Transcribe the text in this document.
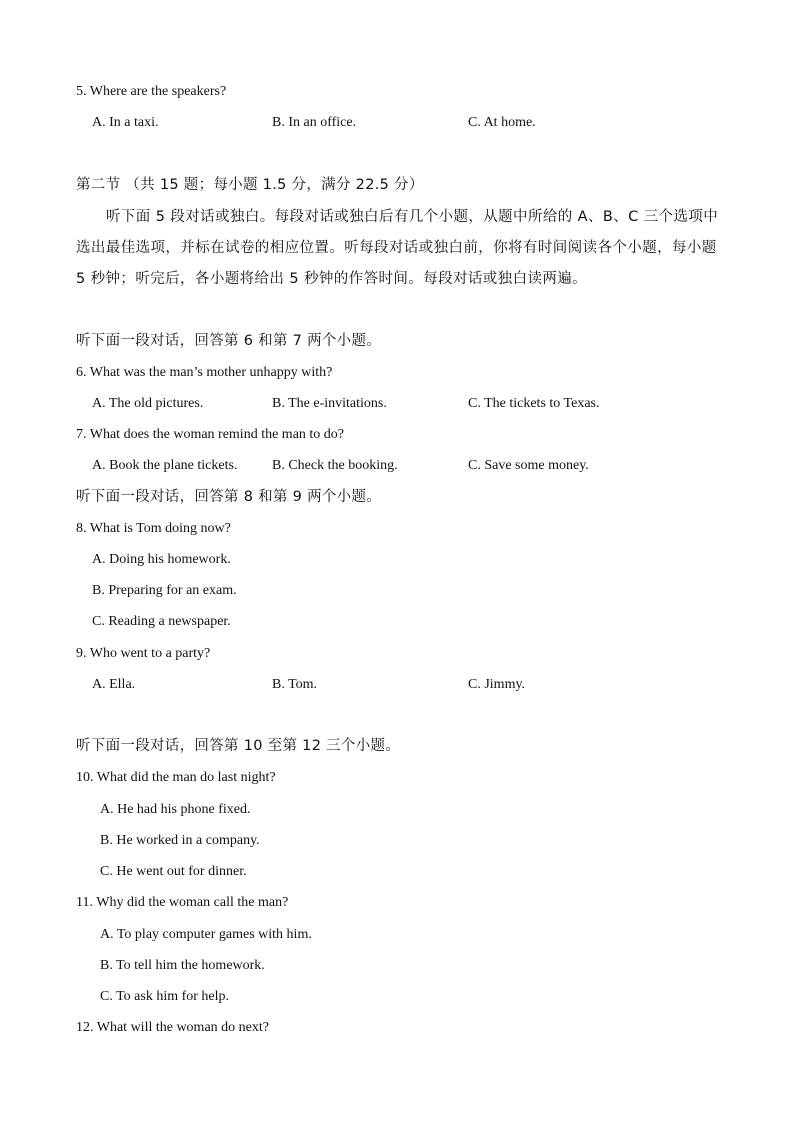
5. Where are the speakers?
A. In a taxi.	B. In an office.	C. At home.
第二节 （共 15 题；每小题 1.5 分，满分 22.5 分）
听下面 5 段对话或独白。每段对话或独白后有几个小题，从题中所给的 A、B、C 三个选项中选出最佳选项，并标在试卷的相应位置。听每段对话或独白前，你将有时间阅读各个小题，每小题 5 秒钟；听完后，各小题将给出 5 秒钟的作答时间。每段对话或独白读两遍。
听下面一段对话，回答第 6 和第 7 两个小题。
6. What was the man’s mother unhappy with?
A. The old pictures.	B. The e-invitations.	C. The tickets to Texas.
7. What does the woman remind the man to do?
A. Book the plane tickets. B. Check the booking.	C. Save some money.
听下面一段对话，回答第 8 和第 9 两个小题。
8. What is Tom doing now?
A. Doing his homework.
B. Preparing for an exam.
C. Reading a newspaper.
9. Who went to a party?
A. Ella.	B. Tom.	C. Jimmy.
听下面一段对话，回答第 10 至第 12 三个小题。
10. What did the man do last night?
A. He had his phone fixed.
B. He worked in a company.
C. He went out for dinner.
11. Why did the woman call the man?
A. To play computer games with him.
B. To tell him the homework.
C. To ask him for help.
12. What will the woman do next?
